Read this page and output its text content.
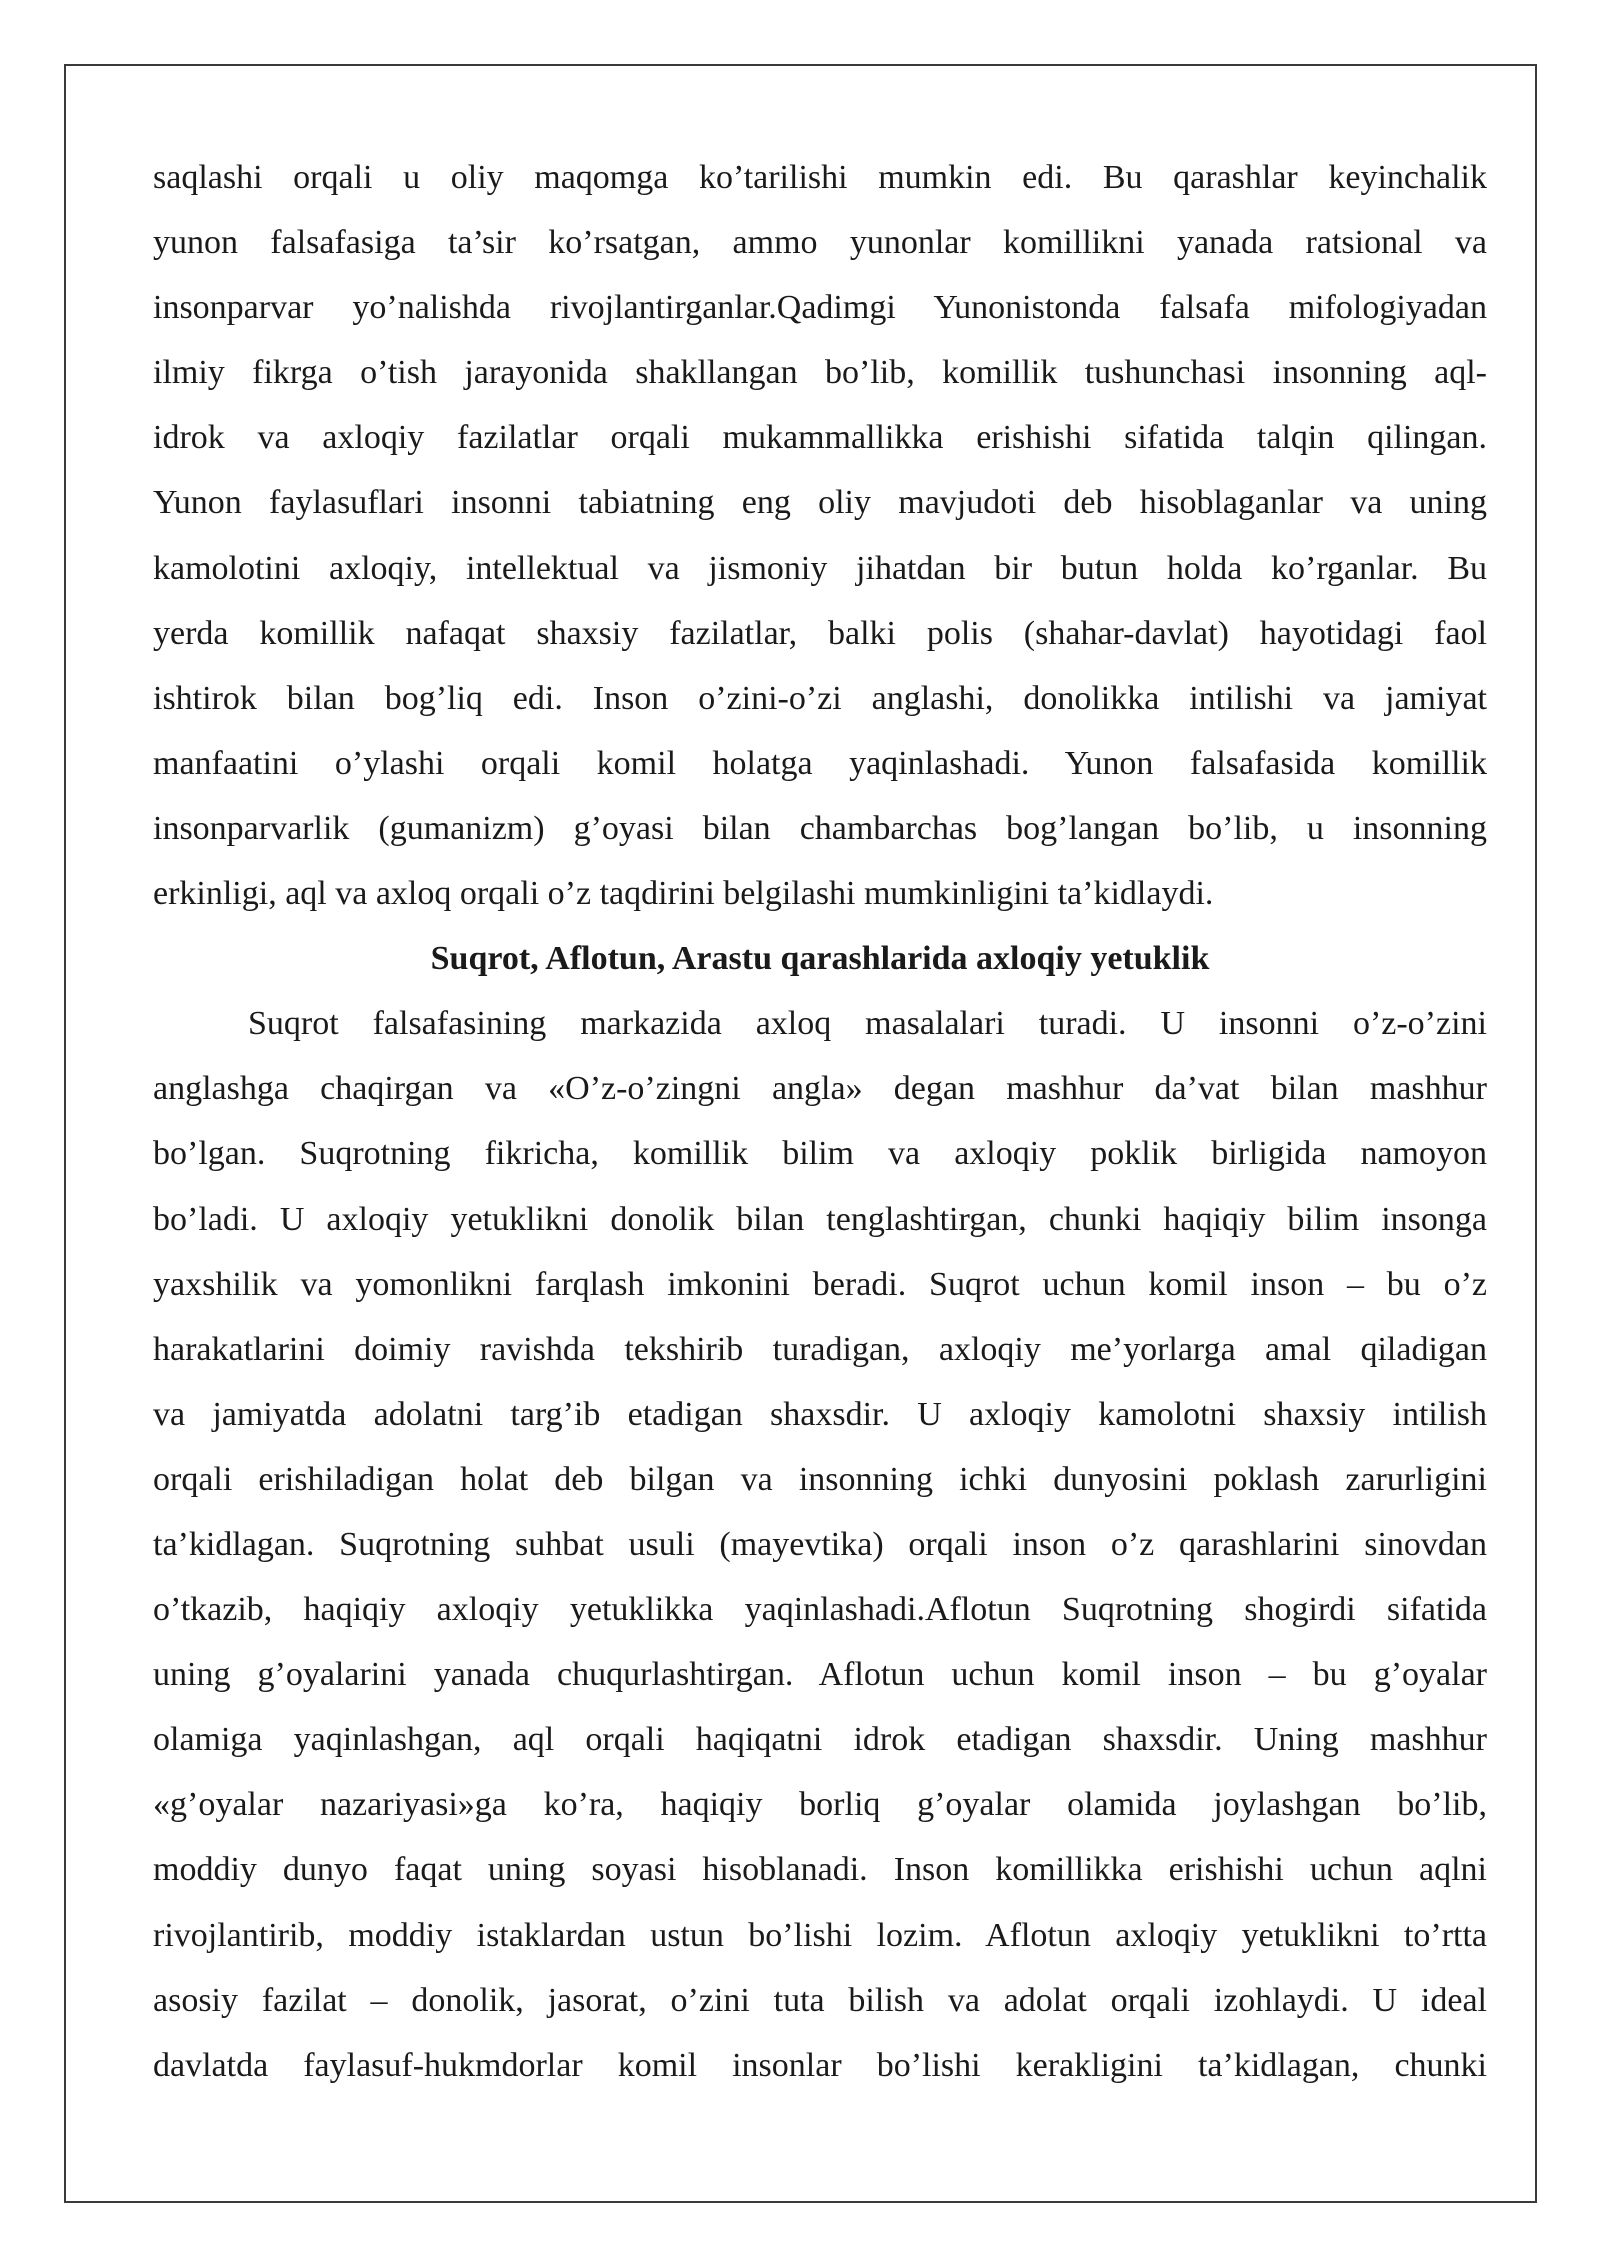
saqlashi orqali u oliy maqomga ko’tarilishi mumkin edi. Bu qarashlar keyinchalik
yunon falsafasiga ta’sir ko’rsatgan, ammo yunonlar komillikni yanada ratsional va
insonparvar yo’nalishda rivojlantirganlar.Qadimgi Yunonistonda falsafa mifologiyadan
ilmiy fikrga o’tish jarayonida shakllangan bo’lib, komillik tushunchasi insonning aql-
idrok va axloqiy fazilatlar orqali mukammallikka erishishi sifatida talqin qilingan.
Yunon faylasuflari insonni tabiatning eng oliy mavjudoti deb hisoblaganlar va uning
kamolotini axloqiy, intellektual va jismoniy jihatdan bir butun holda ko’rganlar. Bu
yerda komillik nafaqat shaxsiy fazilatlar, balki polis (shahar-davlat) hayotidagi faol
ishtirok bilan bog’liq edi. Inson o’zini-o’zi anglashi, donolikka intilishi va jamiyat
manfaatini o’ylashi orqali komil holatga yaqinlashadi. Yunon falsafasida komillik
insonparvarlik (gumanizm) g’oyasi bilan chambarchas bog’langan bo’lib, u insonning
erkinligi, aql va axloq orqali o’z taqdirini belgilashi mumkinligini ta’kidlaydi.
Suqrot, Aflotun, Arastu qarashlarida axloqiy yetuklik
Suqrot falsafasining markazida axloq masalalari turadi. U insonni o’z-o’zini
anglashga chaqirgan va «O’z-o’zingni angla» degan mashhur da’vat bilan mashhur
bo’lgan. Suqrotning fikricha, komillik bilim va axloqiy poklik birligida namoyon
bo’ladi. U axloqiy yetuklikni donolik bilan tenglashtirgan, chunki haqiqiy bilim insonga
yaxshilik va yomonlikni farqlash imkonini beradi. Suqrot uchun komil inson – bu o’z
harakatlarini doimiy ravishda tekshirib turadigan, axloqiy me’yorlarga amal qiladigan
va jamiyatda adolatni targ’ib etadigan shaxsdir. U axloqiy kamolotni shaxsiy intilish
orqali erishiladigan holat deb bilgan va insonning ichki dunyosini poklash zarurligini
ta’kidlagan. Suqrotning suhbat usuli (mayevtika) orqali inson o’z qarashlarini sinovdan
o’tkazib, haqiqiy axloqiy yetuklikka yaqinlashadi.Aflotun Suqrotning shogirdi sifatida
uning g’oyalarini yanada chuqurlashtirgan. Aflotun uchun komil inson – bu g’oyalar
olamiga yaqinlashgan, aql orqali haqiqatni idrok etadigan shaxsdir. Uning mashhur
«g’oyalar nazariyasi»ga ko’ra, haqiqiy borliq g’oyalar olamida joylashgan bo’lib,
moddiy dunyo faqat uning soyasi hisoblanadi. Inson komillikka erishishi uchun aqlni
rivojlantirib, moddiy istaklardan ustun bo’lishi lozim. Aflotun axloqiy yetuklikni to’rtta
asosiy fazilat – donolik, jasorat, o’zini tuta bilish va adolat orqali izohlaydi. U ideal
davlatda faylasuf-hukmdorlar komil insonlar bo’lishi kerakligini ta’kidlagan, chunki
